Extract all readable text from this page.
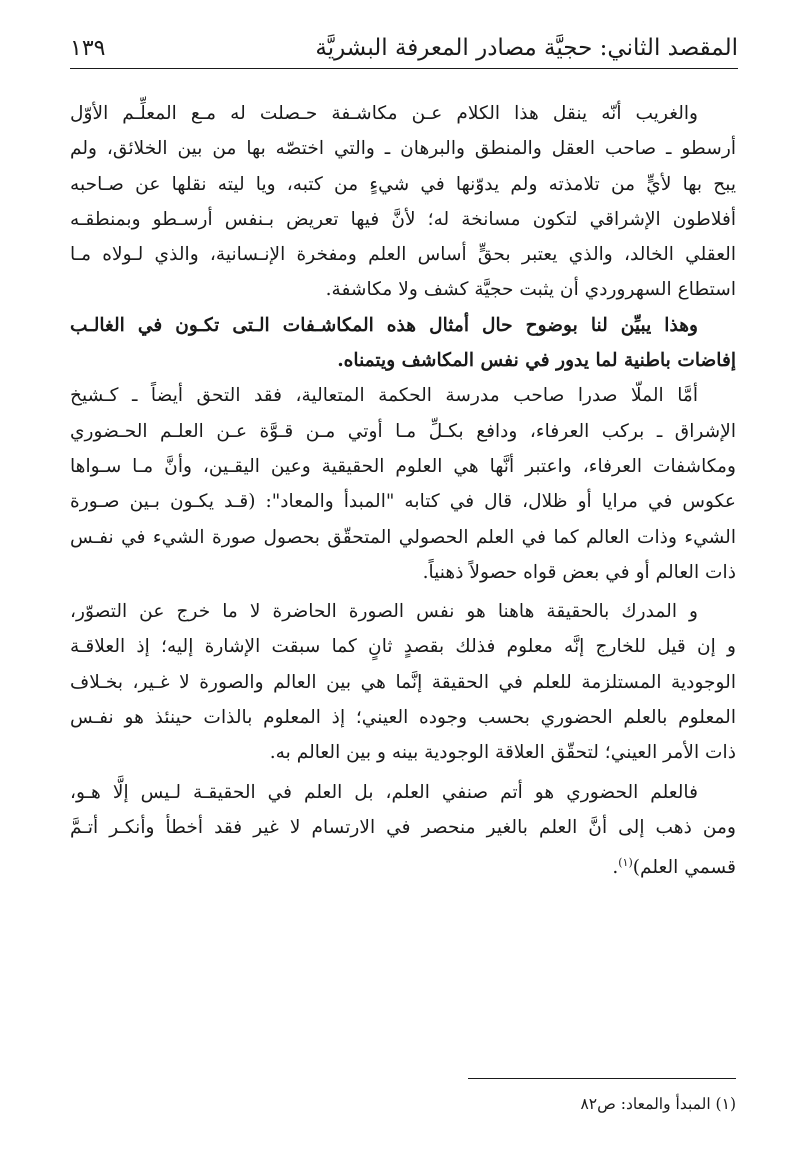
المقصد الثاني: حجيَّة مصادر المعرفة البشريَّة
١٣٩
والغريب أنّه ينقل هذا الكلام عـن مكاشـفة حـصلت له مـع المعلِّـم الأوّل
أرسطو ـ صاحب العقل والمنطق والبرهان ـ والتي اختصّه بها من بين الخلائق، ولم
يبح بها لأيٍّ من تلامذته ولم يدوّنها في شيءٍ من كتبه، ويا ليته نقلها عن صـاحبه
أفلاطون الإشراقي لتكون مسانخة له؛ لأنَّ فيها تعريض بـنفس أرسـطو وبمنطقـه
العقلي الخالد، والذي يعتبر بحقٍّ أساس العلم ومفخرة الإنـسانية، والذي لـولاه مـا
استطاع السهروردي أن يثبت حجيَّة كشف ولا مكاشفة.
وهذا يبيِّن لنا بوضوح حال أمثال هذه المكاشـفات الـتى تكـون في الغالـب
إفاضات باطنية لما يدور في نفس المكاشف ويتمناه.
أمَّا الملّا صدرا صاحب مدرسة الحكمة المتعالية، فقد التحق أيضاً ـ كـشيخ
الإشراق ـ بركب العرفاء، ودافع بكـلِّ مـا أوتي مـن قـوَّة عـن العلـم الحـضوري
ومكاشفات العرفاء، واعتبر أنَّها هي العلوم الحقيقية وعين اليقـين، وأنَّ مـا سـواها
عكوس في مرايا أو ظلال، قال في كتابه "المبدأ والمعاد": (قـد يكـون بـين صـورة
الشيء وذات العالم كما في العلم الحصولي المتحقّق بحصول صورة الشيء في نفـس
ذات العالم أو في بعض قواه حصولاً ذهنياً.
و المدرك بالحقيقة هاهنا هو نفس الصورة الحاضرة لا ما خرج عن التصوّر،
و إن قيل للخارج إنَّه معلوم فذلك بقصدٍ ثانٍ كما سبقت الإشارة إليه؛ إذ العلاقـة
الوجودية المستلزمة للعلم في الحقيقة إنَّما هي بين العالم والصورة لا غـير، بخـلاف
المعلوم بالعلم الحضوري بحسب وجوده العيني؛ إذ المعلوم بالذات حينئذ هو نفـس
ذات الأمر العيني؛ لتحقّق العلاقة الوجودية بينه و بين العالم به.
فالعلم الحضوري هو أتم صنفي العلم، بل العلم في الحقيقـة لـيس إلَّا هـو،
ومن ذهب إلى أنَّ العلم بالغير منحصر في الارتسام لا غير فقد أخطأ وأنكـر أتـمَّ
قسمي العلم)$^{(١)}$.
(١) المبدأ والمعاد: ص٨٢
